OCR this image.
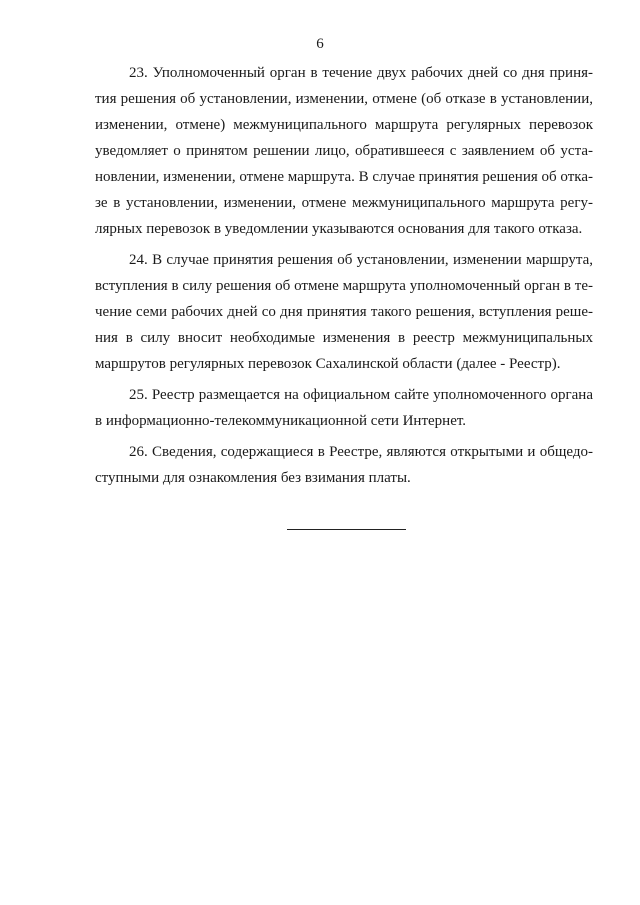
6

23. Уполномоченный орган в течение двух рабочих дней со дня принятия решения об установлении, изменении, отмене (об отказе в установлении, изменении, отмене) межмуниципального маршрута регулярных перевозок уведомляет о принятом решении лицо, обратившееся с заявлением об установлении, изменении, отмене маршрута. В случае принятия решения об отказе в установлении, изменении, отмене межмуниципального маршрута регулярных перевозок в уведомлении указываются основания для такого отказа.

24. В случае принятия решения об установлении, изменении маршрута, вступления в силу решения об отмене маршрута уполномоченный орган в течение семи рабочих дней со дня принятия такого решения, вступления решения в силу вносит необходимые изменения в реестр межмуниципальных маршрутов регулярных перевозок Сахалинской области (далее - Реестр).

25. Реестр размещается на официальном сайте уполномоченного органа в информационно-телекоммуникационной сети Интернет.

26. Сведения, содержащиеся в Реестре, являются открытыми и общедоступными для ознакомления без взимания платы.
